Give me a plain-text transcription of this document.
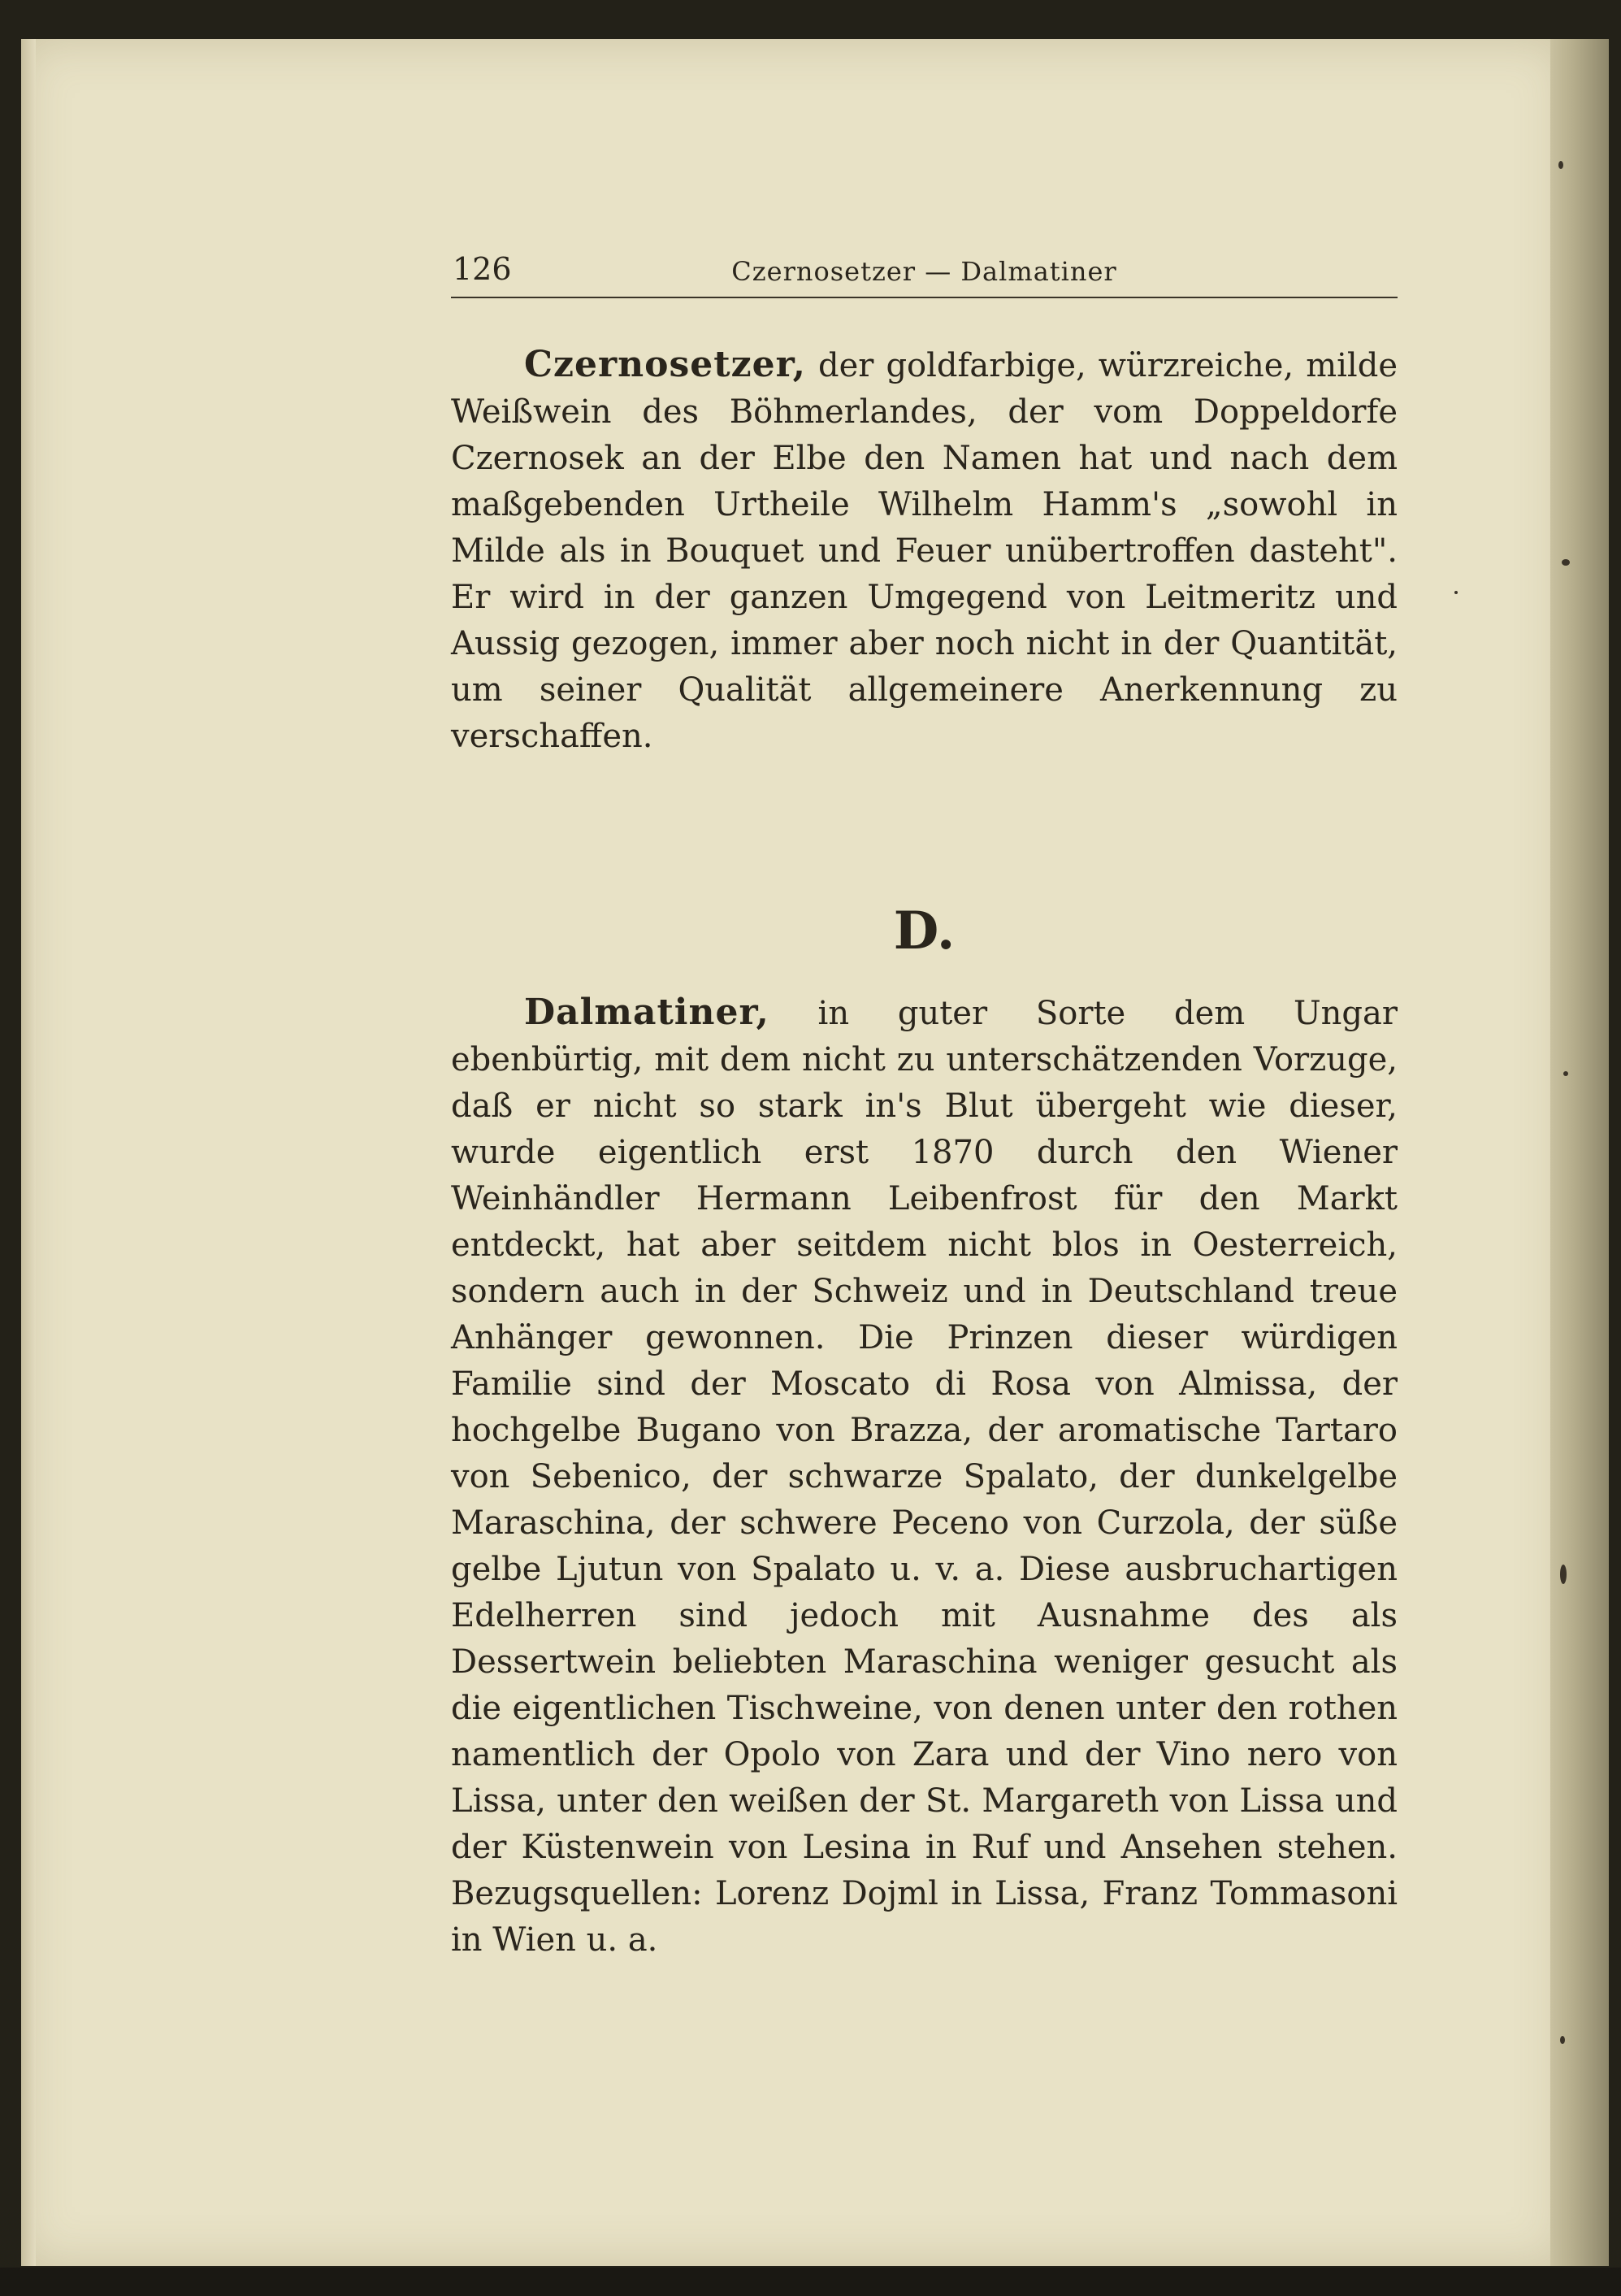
126	Czernosetzer — Dalmatiner

Czernosetzer, der goldfarbige, würzreiche, milde Weißwein des Böhmerlandes, der vom Doppeldorfe Czernosek an der Elbe den Namen hat und nach dem maßgebenden Urtheile Wilhelm Hamm's „sowohl in Milde als in Bouquet und Feuer unübertroffen dasteht". Er wird in der ganzen Umgegend von Leitmeritz und Aussig gezogen, immer aber noch nicht in der Quantität, um seiner Qualität allgemeinere Anerkennung zu verschaffen.

D.

Dalmatiner, in guter Sorte dem Ungar ebenbürtig, mit dem nicht zu unterschätzenden Vorzuge, daß er nicht so stark in's Blut übergeht wie dieser, wurde eigentlich erst 1870 durch den Wiener Weinhändler Hermann Leibenfrost für den Markt entdeckt, hat aber seitdem nicht blos in Oesterreich, sondern auch in der Schweiz und in Deutschland treue Anhänger gewonnen. Die Prinzen dieser würdigen Familie sind der Moscato di Rosa von Almissa, der hochgelbe Bugano von Brazza, der aromatische Tartaro von Sebenico, der schwarze Spalato, der dunkelgelbe Maraschina, der schwere Peceno von Curzola, der süße gelbe Ljutun von Spalato u. v. a. Diese ausbruchartigen Edelherren sind jedoch mit Ausnahme des als Dessertwein beliebten Maraschina weniger gesucht als die eigentlichen Tischweine, von denen unter den rothen namentlich der Opolo von Zara und der Vino nero von Lissa, unter den weißen der St. Margareth von Lissa und der Küstenwein von Lesina in Ruf und Ansehen stehen. Bezugsquellen: Lorenz Dojml in Lissa, Franz Tommasoni in Wien u. a.
